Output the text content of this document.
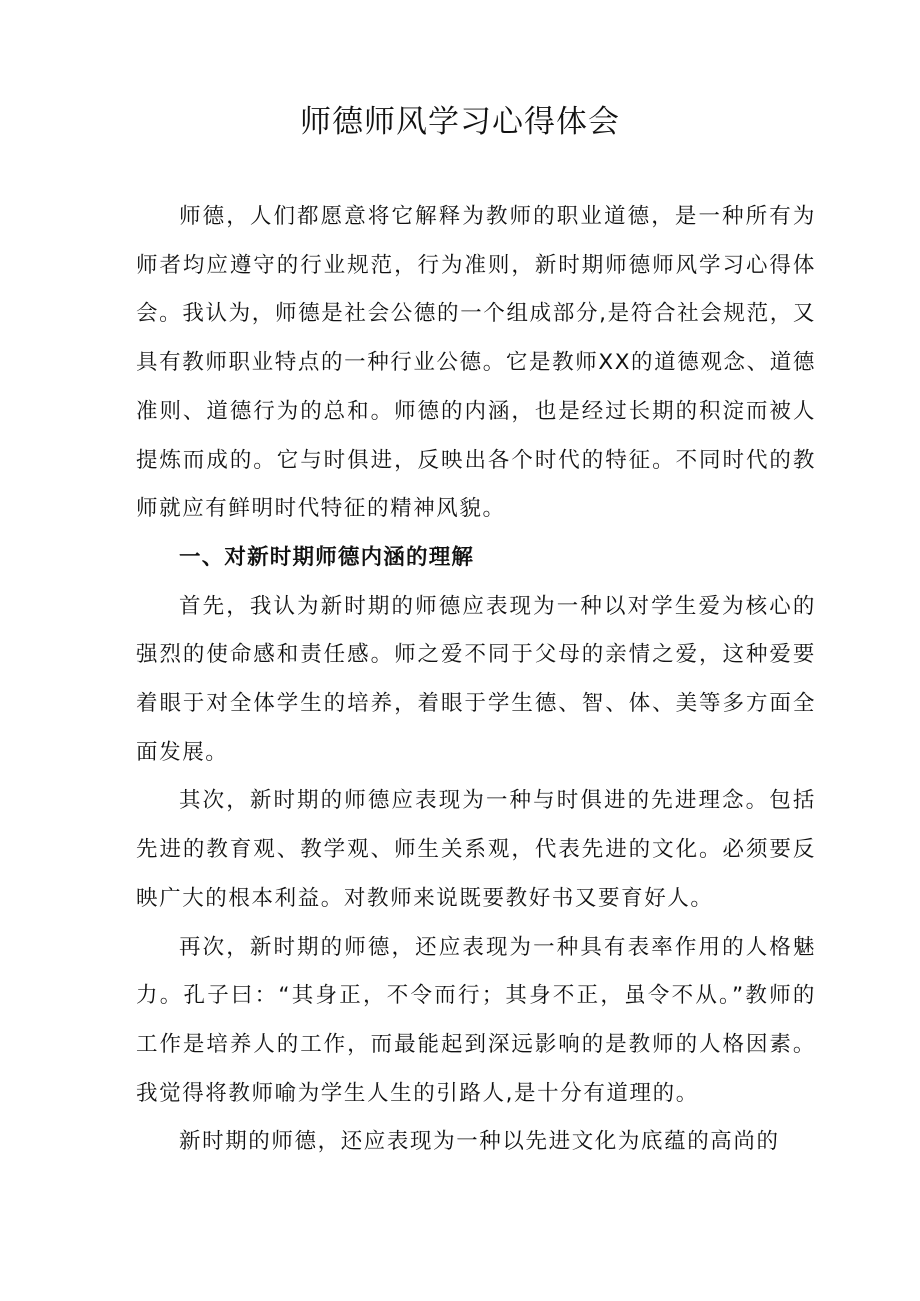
师德师风学习心得体会

师德，人们都愿意将它解释为教师的职业道德，是一种所有为师者均应遵守的行业规范，行为准则，新时期师德师风学习心得体会。我认为，师德是社会公德的一个组成部分,是符合社会规范，又具有教师职业特点的一种行业公德。它是教师XX的道德观念、道德准则、道德行为的总和。师德的内涵，也是经过长期的积淀而被人提炼而成的。它与时俱进，反映出各个时代的特征。不同时代的教师就应有鲜明时代特征的精神风貌。

一、对新时期师德内涵的理解

首先，我认为新时期的师德应表现为一种以对学生爱为核心的强烈的使命感和责任感。师之爱不同于父母的亲情之爱，这种爱要着眼于对全体学生的培养，着眼于学生德、智、体、美等多方面全面发展。

其次，新时期的师德应表现为一种与时俱进的先进理念。包括先进的教育观、教学观、师生关系观，代表先进的文化。必须要反映广大的根本利益。对教师来说既要教好书又要育好人。

再次，新时期的师德，还应表现为一种具有表率作用的人格魅力。孔子曰：“其身正，不令而行；其身不正，虽令不从。”教师的工作是培养人的工作，而最能起到深远影响的是教师的人格因素。我觉得将教师喻为学生人生的引路人,是十分有道理的。

新时期的师德，还应表现为一种以先进文化为底蕴的高尚的
